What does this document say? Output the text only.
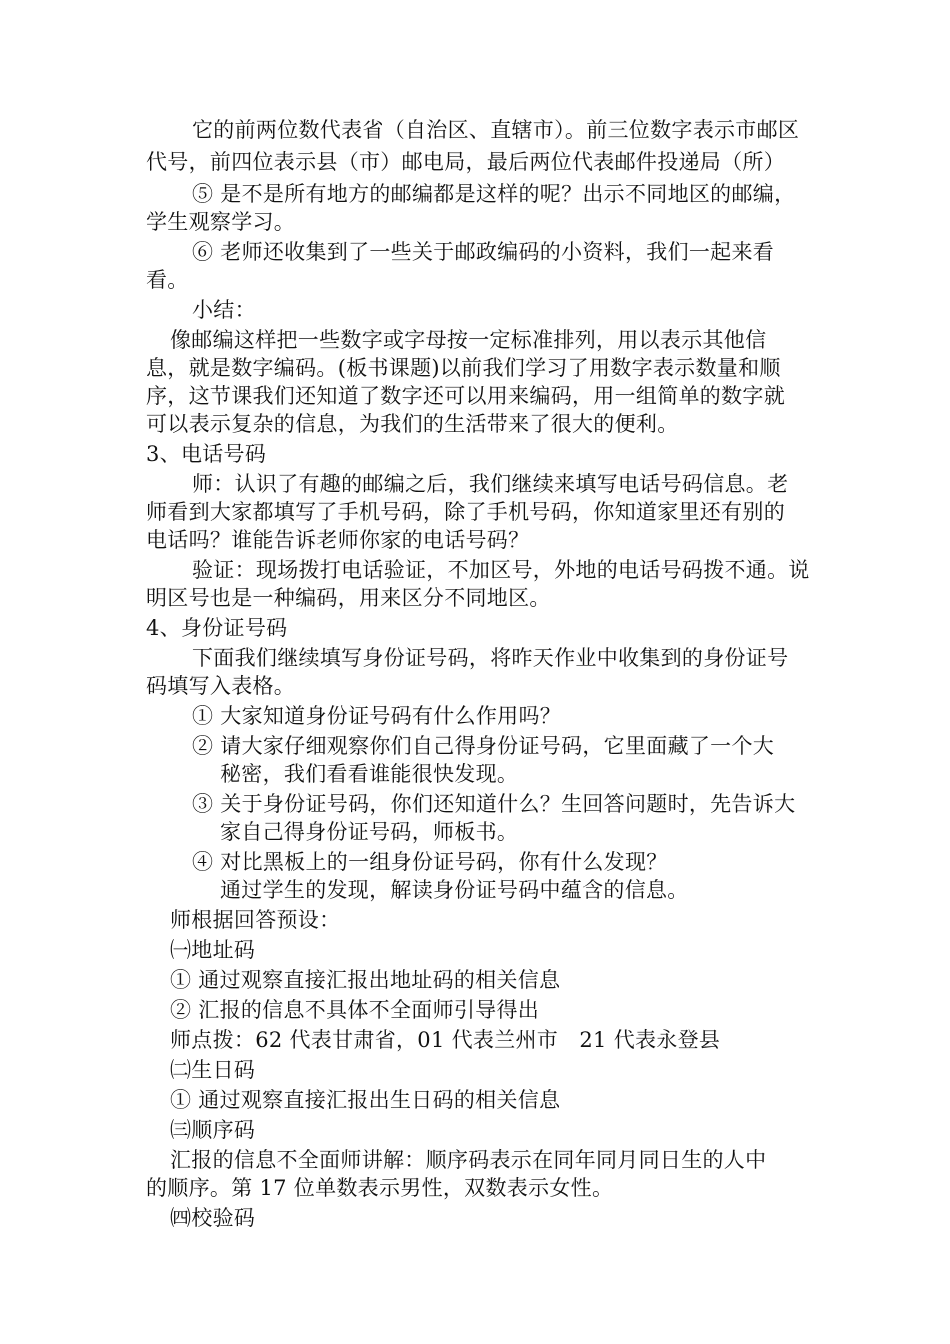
它的前两位数代表省（自治区、直辖市）。前三位数字表示市邮区
代号，前四位表示县（市）邮电局，最后两位代表邮件投递局（所）
⑤ 是不是所有地方的邮编都是这样的呢？出示不同地区的邮编，
学生观察学习。
⑥ 老师还收集到了一些关于邮政编码的小资料，我们一起来看
看。
小结：
像邮编这样把一些数字或字母按一定标准排列，用以表示其他信
息，就是数字编码。(板书课题)以前我们学习了用数字表示数量和顺
序，这节课我们还知道了数字还可以用来编码，用一组简单的数字就
可以表示复杂的信息，为我们的生活带来了很大的便利。
3、电话号码
师：认识了有趣的邮编之后，我们继续来填写电话号码信息。老
师看到大家都填写了手机号码，除了手机号码，你知道家里还有别的
电话吗？谁能告诉老师你家的电话号码？
验证：现场拨打电话验证，不加区号，外地的电话号码拨不通。说
明区号也是一种编码，用来区分不同地区。
4、身份证号码
下面我们继续填写身份证号码，将昨天作业中收集到的身份证号
码填写入表格。
① 大家知道身份证号码有什么作用吗？
② 请大家仔细观察你们自己得身份证号码，它里面藏了一个大
秘密，我们看看谁能很快发现。
③ 关于身份证号码，你们还知道什么？生回答问题时，先告诉大
家自己得身份证号码，师板书。
④ 对比黑板上的一组身份证号码，你有什么发现？
通过学生的发现，解读身份证号码中蕴含的信息。
师根据回答预设：
㈠地址码
① 通过观察直接汇报出地址码的相关信息
② 汇报的信息不具体不全面师引导得出
师点拨：62 代表甘肃省，01 代表兰州市　21 代表永登县
㈡生日码
① 通过观察直接汇报出生日码的相关信息
㈢顺序码
汇报的信息不全面师讲解：顺序码表示在同年同月同日生的人中
的顺序。第 17 位单数表示男性，双数表示女性。
㈣校验码
